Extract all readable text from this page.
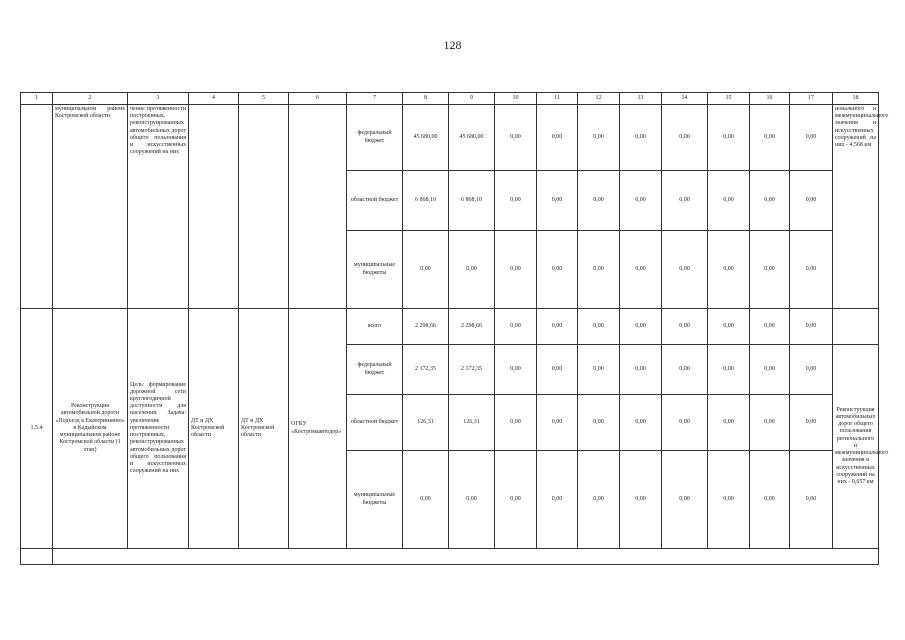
128
1	2	3	4	5	6	7	8	9	10	11	12	13	14	15	16	17	18
	муниципальном районе Костромской области	чение протяженности построенных, реконструированных автомобильных дорог общего пользования и искусственных сооружений на них				федеральный бюджет	45 680,00	45 680,00	0,00	0,00	0,00	0,00	0,00	0,00	0,00	0,00	ионального и межмуниципального значения и искусственных сооружений на них - 4,568 км
						областной бюджет	6 868,10	6 868,10	0,00	0,00	0,00	0,00	0,00	0,00	0,00	0,00	
						муниципальные бюджеты	0,00	0,00	0,00	0,00	0,00	0,00	0,00	0,00	0,00	0,00	
1.5.4	Реконструкция автомобильной дороги «Подъезд к Екатеринкино» в Кадыйском муниципальном районе Костромской области (1 этап)	Цель: формирование дорожной сети круглогодичной доступности для населения. Задача: увеличение протяженности построенных, реконструированных автомобильных дорог общего пользования и искусственных сооружений на них	ДТ и ДХ Костромской области	ДТ и ДХ Костромской области	ОГКУ «Костромаавтодор»	всего	2 298,66	2 298,66	0,00	0,00	0,00	0,00	0,00	0,00	0,00	0,00	
						федеральный бюджет	2 172,35	2 172,35	0,00	0,00	0,00	0,00	0,00	0,00	0,00	0,00	Реконструкция автомобильных дорог общего пользования регионального и межмуниципального значения и искусственных сооружений на них - 0,657 км
						областной бюджет	126,31	126,31	0,00	0,00	0,00	0,00	0,00	0,00	0,00	0,00	
						муниципальные бюджеты	0,00	0,00	0,00	0,00	0,00	0,00	0,00	0,00	0,00	0,00	
